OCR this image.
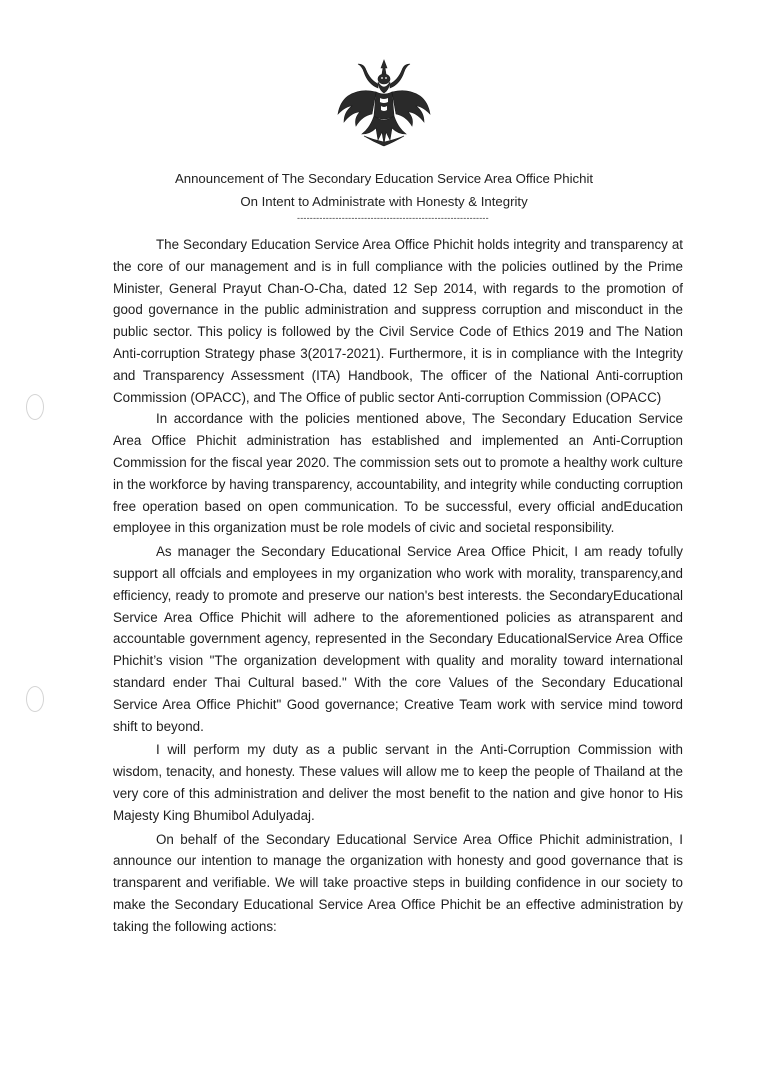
Announcement of The Secondary Education Service Area Office Phichit
On Intent to Administrate with Honesty & Integrity
------------------------------------------------------------

The Secondary Education Service Area Office Phichit holds integrity and transparency at the core of our management and is in full compliance with the policies outlined by the Prime Minister, General Prayut Chan-O-Cha, dated 12 Sep 2014, with regards to the promotion of good governance in the public administration and suppress corruption and misconduct in the public sector. This policy is followed by the Civil Service Code of Ethics 2019 and The Nation Anti-corruption Strategy phase 3(2017-2021). Furthermore, it is in compliance with the Integrity and Transparency Assessment (ITA) Handbook, The officer of the National Anti-corruption Commission (OPACC), and The Office of public sector Anti-corruption Commission (OPACC)

In accordance with the policies mentioned above, The Secondary Education Service Area Office Phichit administration has established and implemented an Anti-Corruption Commission for the fiscal year 2020. The commission sets out to promote a healthy work culture in the workforce by having transparency, accountability, and integrity while conducting corruption free operation based on open communication. To be successful, every official andEducation employee in this organization must be role models of civic and societal responsibility.

As manager the Secondary Educational Service Area Office Phicit, I am ready tofully support all offcials and employees in my organization who work with morality, transparency,and efficiency, ready to promote and preserve our nation's best interests. the SecondaryEducational Service Area Office Phichit will adhere to the aforementioned policies as atransparent and accountable government agency, represented in the Secondary EducationalService Area Office Phichit’s vision "The organization development with quality and morality toward international standard ender Thai Cultural based." With the core Values of the Secondary Educational Service Area Office Phichit" Good governance; Creative Team work with service mind toword shift to beyond.

I will perform my duty as a public servant in the Anti-Corruption Commission with wisdom, tenacity, and honesty. These values will allow me to keep the people of Thailand at the very core of this administration and deliver the most benefit to the nation and give honor to His Majesty King Bhumibol Adulyadaj.

On behalf of the Secondary Educational Service Area Office Phichit administration, I announce our intention to manage the organization with honesty and good governance that is transparent and verifiable. We will take proactive steps in building confidence in our society to make the Secondary Educational Service Area Office Phichit be an effective administration by taking the following actions:
